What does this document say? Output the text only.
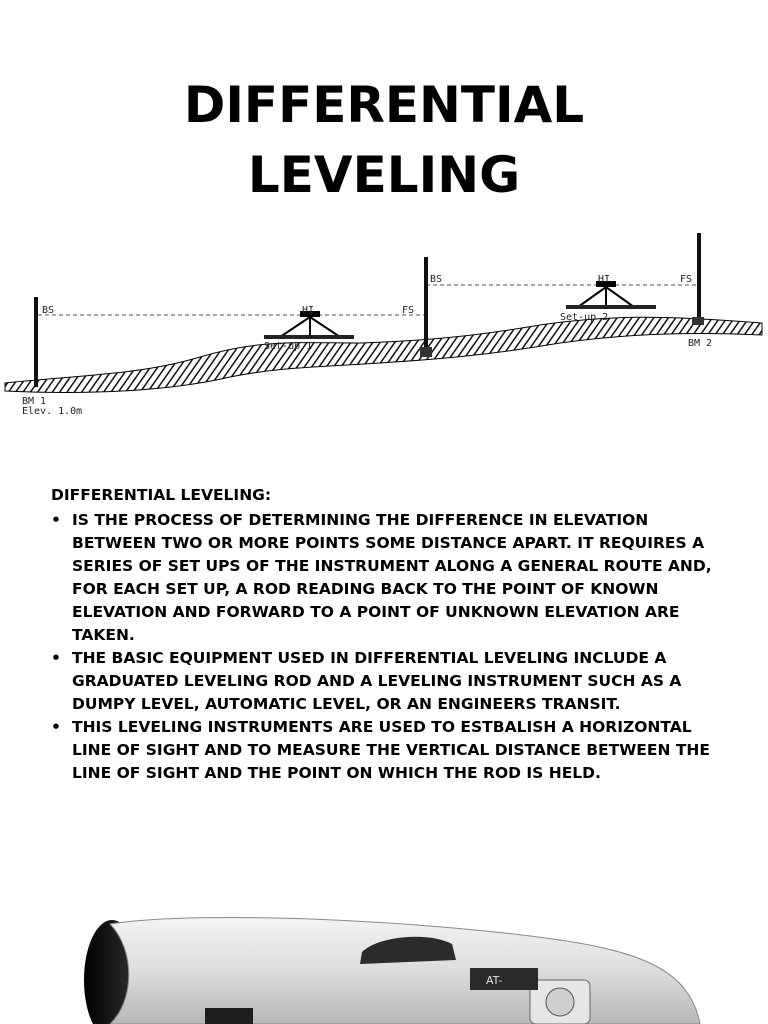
DIFFERENTIAL
LEVELING
BS	HI	FS
Set-up 1
BS	HI	FS
Set-up 2
BM 1
Elev. 1.0m
BM 2
DIFFERENTIAL LEVELING:
• IS THE PROCESS OF DETERMINING THE DIFFERENCE IN ELEVATION BETWEEN TWO OR MORE POINTS SOME DISTANCE APART. IT REQUIRES A SERIES OF SET UPS OF THE INSTRUMENT ALONG A GENERAL ROUTE AND, FOR EACH SET UP, A ROD READING BACK TO THE POINT OF KNOWN ELEVATION AND FORWARD TO A POINT OF UNKNOWN ELEVATION ARE TAKEN.
• THE BASIC EQUIPMENT USED IN DIFFERENTIAL LEVELING INCLUDE A GRADUATED LEVELING ROD AND A LEVELING INSTRUMENT SUCH AS A DUMPY LEVEL, AUTOMATIC LEVEL, OR AN ENGINEERS TRANSIT.
• THIS LEVELING INSTRUMENTS ARE USED TO ESTBALISH A HORIZONTAL LINE OF SIGHT AND TO MEASURE THE VERTICAL DISTANCE BETWEEN THE LINE OF SIGHT AND THE POINT ON WHICH THE ROD IS HELD.
AT-
